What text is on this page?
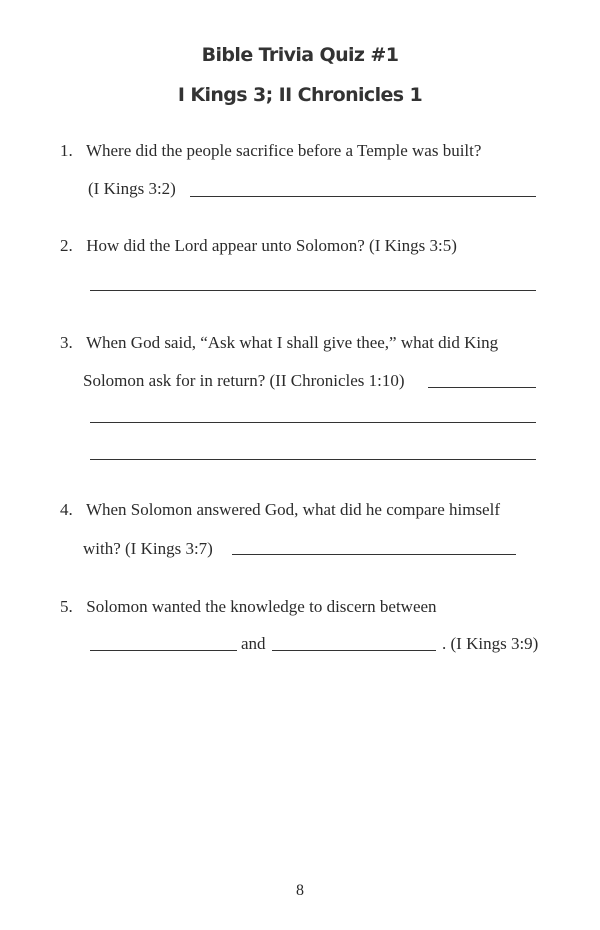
Bible Trivia Quiz #1
I Kings 3; II Chronicles 1
1. Where did the people sacrifice before a Temple was built?
(I Kings 3:2)
2. How did the Lord appear unto Solomon? (I Kings 3:5)
3. When God said, “Ask what I shall give thee,” what did King
Solomon ask for in return? (II Chronicles 1:10)
4. When Solomon answered God, what did he compare himself
with? (I Kings 3:7)
5. Solomon wanted the knowledge to discern between
and	. (I Kings 3:9)
8
